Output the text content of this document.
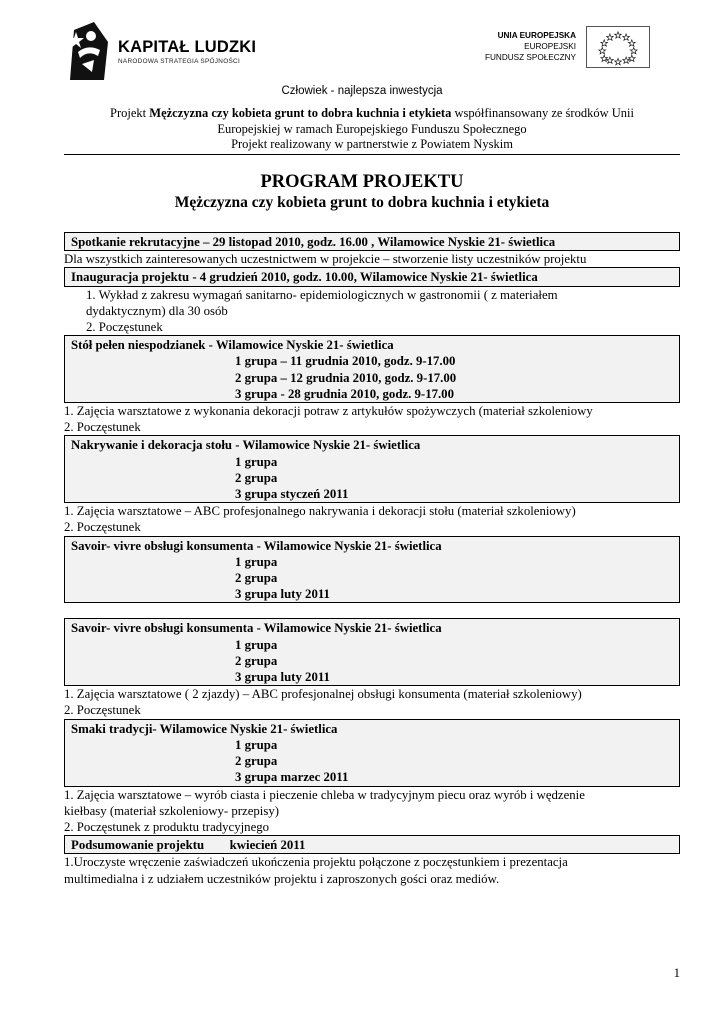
KAPITAŁ LUDZKI
NARODOWA STRATEGIA SPÓJNOŚCI
UNIA EUROPEJSKA
EUROPEJSKI
FUNDUSZ SPOŁECZNY
Człowiek - najlepsza inwestycja
Projekt Mężczyzna czy kobieta grunt to dobra kuchnia i etykieta współfinansowany ze środków Unii
Europejskiej w ramach Europejskiego Funduszu Społecznego
Projekt realizowany w partnerstwie z Powiatem Nyskim
PROGRAM PROJEKTU
Mężczyzna czy kobieta grunt to dobra kuchnia i etykieta
Spotkanie rekrutacyjne – 29 listopad 2010, godz. 16.00 , Wilamowice Nyskie 21- świetlica
Dla wszystkich zainteresowanych uczestnictwem w projekcie – stworzenie listy uczestników projektu
Inauguracja projektu - 4 grudzień 2010, godz. 10.00, Wilamowice Nyskie 21- świetlica
1. Wykład z zakresu wymagań sanitarno- epidemiologicznych w gastronomii ( z materiałem
dydaktycznym) dla 30 osób
2. Poczęstunek
Stół pełen niespodzianek - Wilamowice Nyskie 21- świetlica
1 grupa – 11 grudnia 2010, godz. 9-17.00
2 grupa – 12 grudnia 2010, godz. 9-17.00
3 grupa - 28 grudnia 2010, godz. 9-17.00
1. Zajęcia warsztatowe z wykonania dekoracji potraw z artykułów spożywczych (materiał szkoleniowy
2. Poczęstunek
Nakrywanie i dekoracja stołu - Wilamowice Nyskie 21- świetlica
1 grupa
2 grupa
3 grupa styczeń 2011
1. Zajęcia warsztatowe – ABC profesjonalnego nakrywania i dekoracji stołu (materiał szkoleniowy)
2. Poczęstunek
Savoir- vivre obsługi konsumenta - Wilamowice Nyskie 21- świetlica
1 grupa
2 grupa
3 grupa luty 2011
Savoir- vivre obsługi konsumenta - Wilamowice Nyskie 21- świetlica
1 grupa
2 grupa
3 grupa luty 2011
1. Zajęcia warsztatowe ( 2 zjazdy) – ABC profesjonalnej obsługi konsumenta (materiał szkoleniowy)
2. Poczęstunek
Smaki tradycji- Wilamowice Nyskie 21- świetlica
1 grupa
2 grupa
3 grupa marzec 2011
1. Zajęcia warsztatowe – wyrób ciasta i pieczenie chleba w tradycyjnym piecu oraz wyrób i wędzenie
kiełbasy (materiał szkoleniowy- przepisy)
2. Poczęstunek z produktu tradycyjnego
Podsumowanie projektu        kwiecień 2011
1.Uroczyste wręczenie zaświadczeń ukończenia projektu połączone z poczęstunkiem i prezentacja
multimedialna i z udziałem uczestników projektu i zaproszonych gości oraz mediów.
1
